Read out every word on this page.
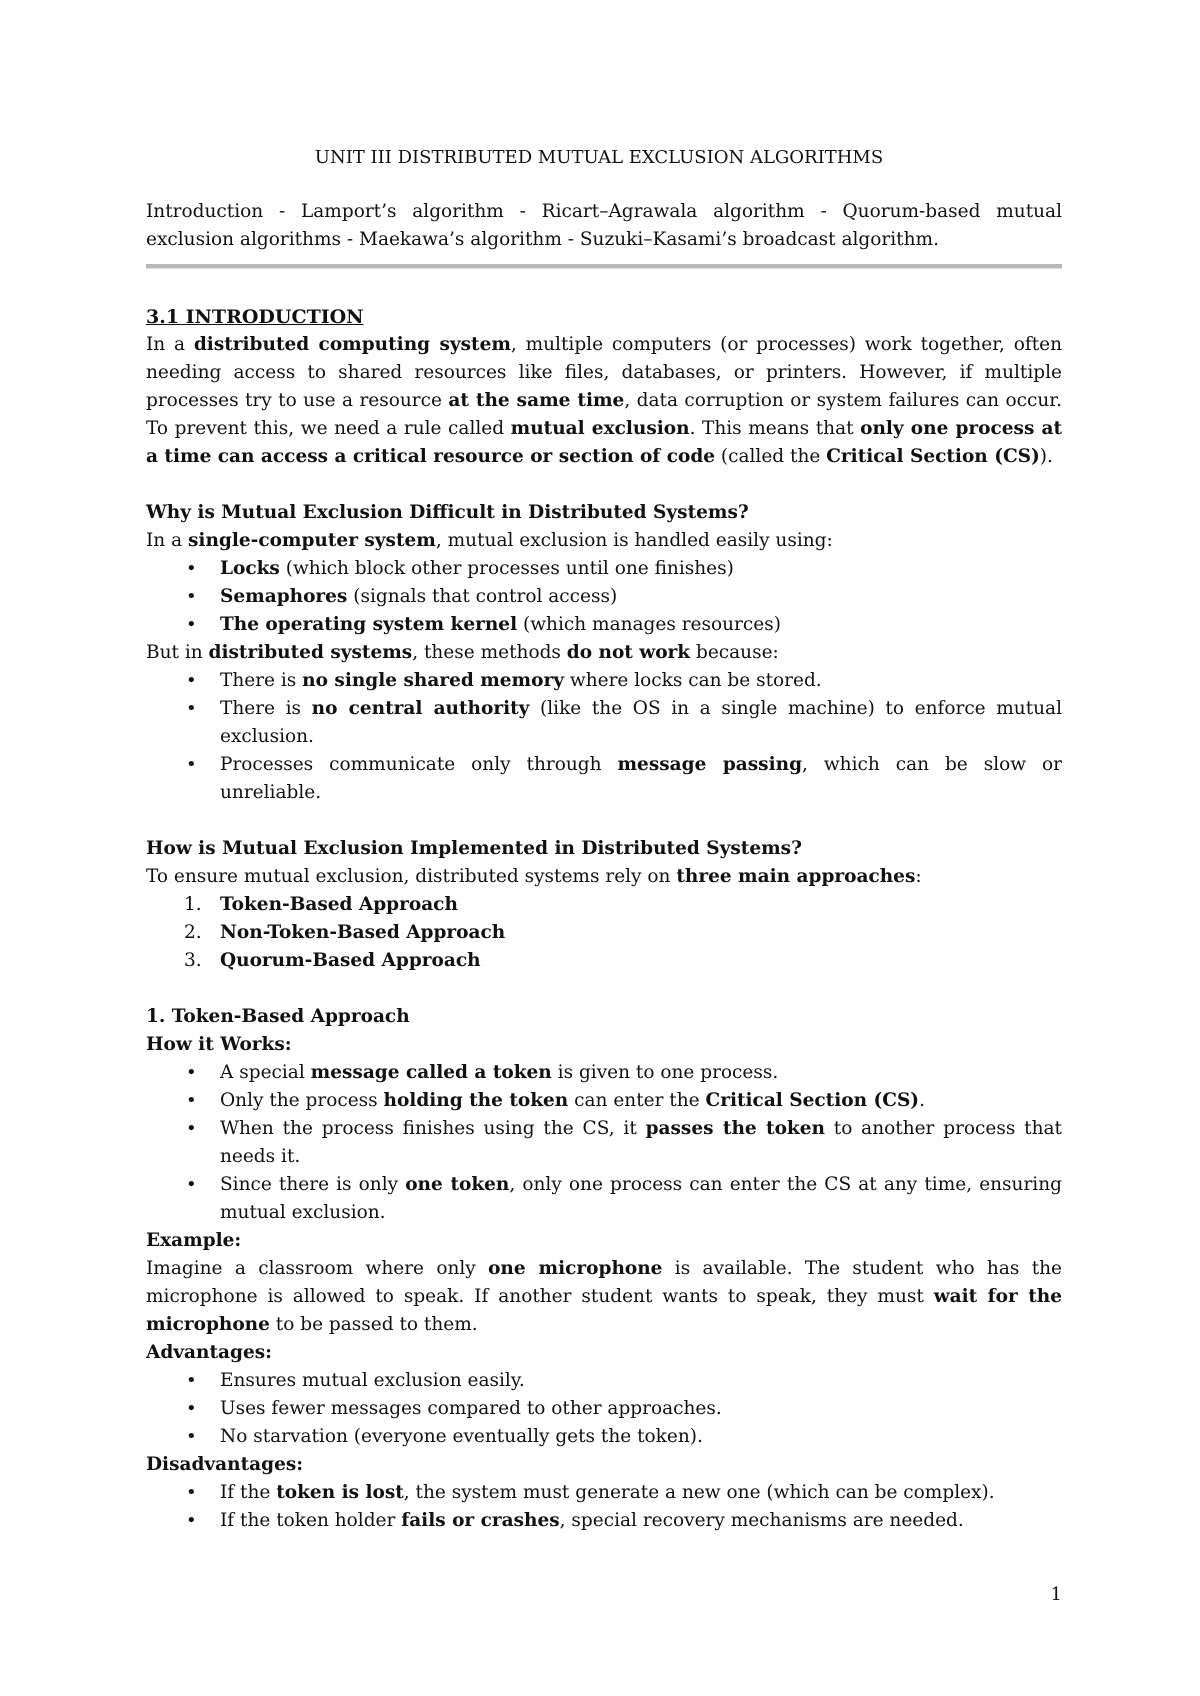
UNIT III DISTRIBUTED MUTUAL EXCLUSION ALGORITHMS

Introduction - Lamport’s algorithm - Ricart–Agrawala algorithm - Quorum-based mutual exclusion algorithms - Maekawa’s algorithm - Suzuki–Kasami’s broadcast algorithm.

3.1 INTRODUCTION

In a distributed computing system, multiple computers (or processes) work together, often needing access to shared resources like files, databases, or printers. However, if multiple processes try to use a resource at the same time, data corruption or system failures can occur. To prevent this, we need a rule called mutual exclusion. This means that only one process at a time can access a critical resource or section of code (called the Critical Section (CS)).

Why is Mutual Exclusion Difficult in Distributed Systems?

In a single-computer system, mutual exclusion is handled easily using:

• Locks (which block other processes until one finishes)
• Semaphores (signals that control access)
• The operating system kernel (which manages resources)

But in distributed systems, these methods do not work because:

• There is no single shared memory where locks can be stored.
• There is no central authority (like the OS in a single machine) to enforce mutual exclusion.
• Processes communicate only through message passing, which can be slow or unreliable.
How is Mutual Exclusion Implemented in Distributed Systems?

To ensure mutual exclusion, distributed systems rely on three main approaches:

1. Token-Based Approach
2. Non-Token-Based Approach
3. Quorum-Based Approach
1. Token-Based Approach
How it Works:
• A special message called a token is given to one process.
• Only the process holding the token can enter the Critical Section (CS).
• When the process finishes using the CS, it passes the token to another process that needs it.
• Since there is only one token, only one process can enter the CS at any time, ensuring mutual exclusion.
Example:

Imagine a classroom where only one microphone is available. The student who has the microphone is allowed to speak. If another student wants to speak, they must wait for the microphone to be passed to them.

Advantages:
• Ensures mutual exclusion easily.
• Uses fewer messages compared to other approaches.
• No starvation (everyone eventually gets the token).
Disadvantages:
• If the token is lost, the system must generate a new one (which can be complex).
• If the token holder fails or crashes, special recovery mechanisms are needed.
1
